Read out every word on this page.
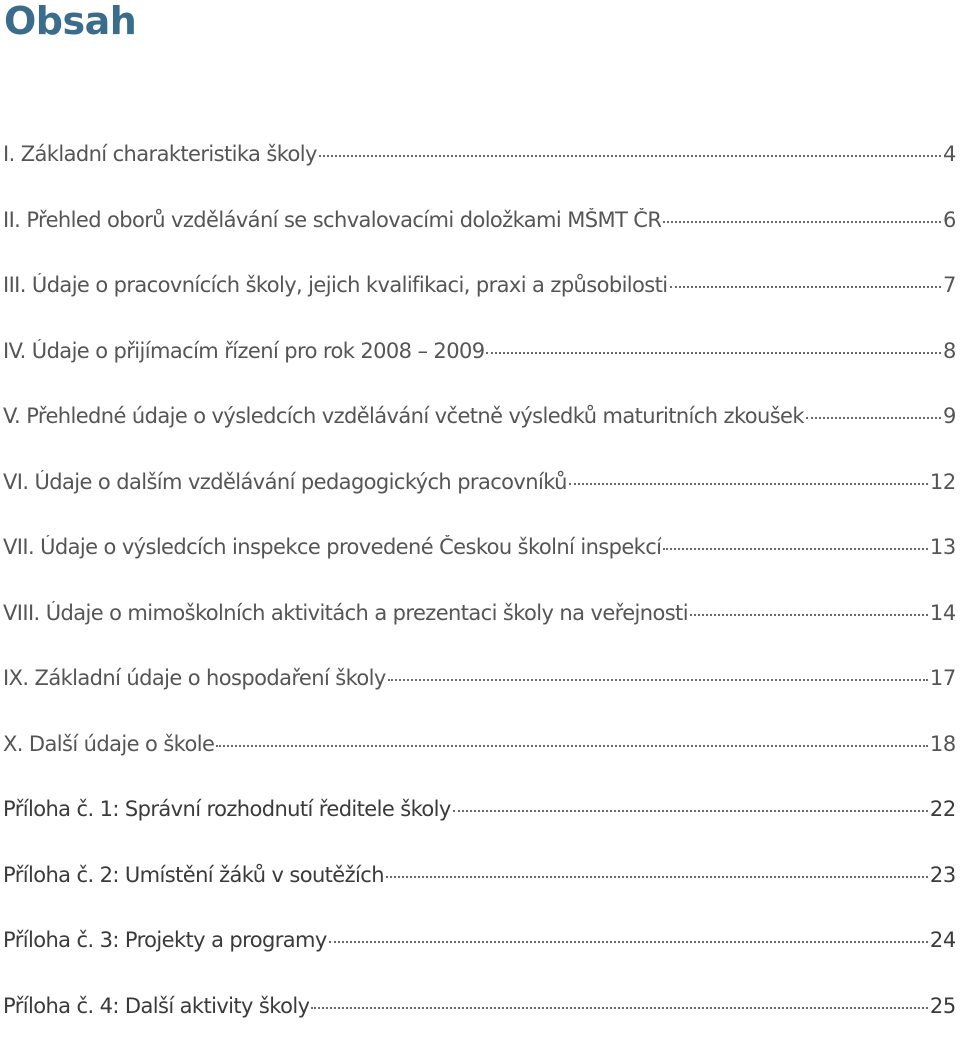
Obsah
I. Základní charakteristika školy	4
II. Přehled oborů vzdělávání se schvalovacími doložkami MŠMT ČR	6
III. Údaje o pracovnících školy, jejich kvalifikaci, praxi a způsobilosti	7
IV. Údaje o přijímacím řízení pro rok 2008 – 2009	8
V. Přehledné údaje o výsledcích vzdělávání včetně výsledků maturitních zkoušek	9
VI. Údaje o dalším vzdělávání pedagogických pracovníků	12
VII. Údaje o výsledcích inspekce provedené Českou školní inspekcí	13
VIII. Údaje o mimoškolních aktivitách a prezentaci školy na veřejnosti	14
IX. Základní údaje o hospodaření školy	17
X. Další údaje o škole	18
Příloha č. 1: Správní rozhodnutí ředitele školy	22
Příloha č. 2: Umístění žáků v soutěžích	23
Příloha č. 3: Projekty a programy	24
Příloha č. 4: Další aktivity školy	25
